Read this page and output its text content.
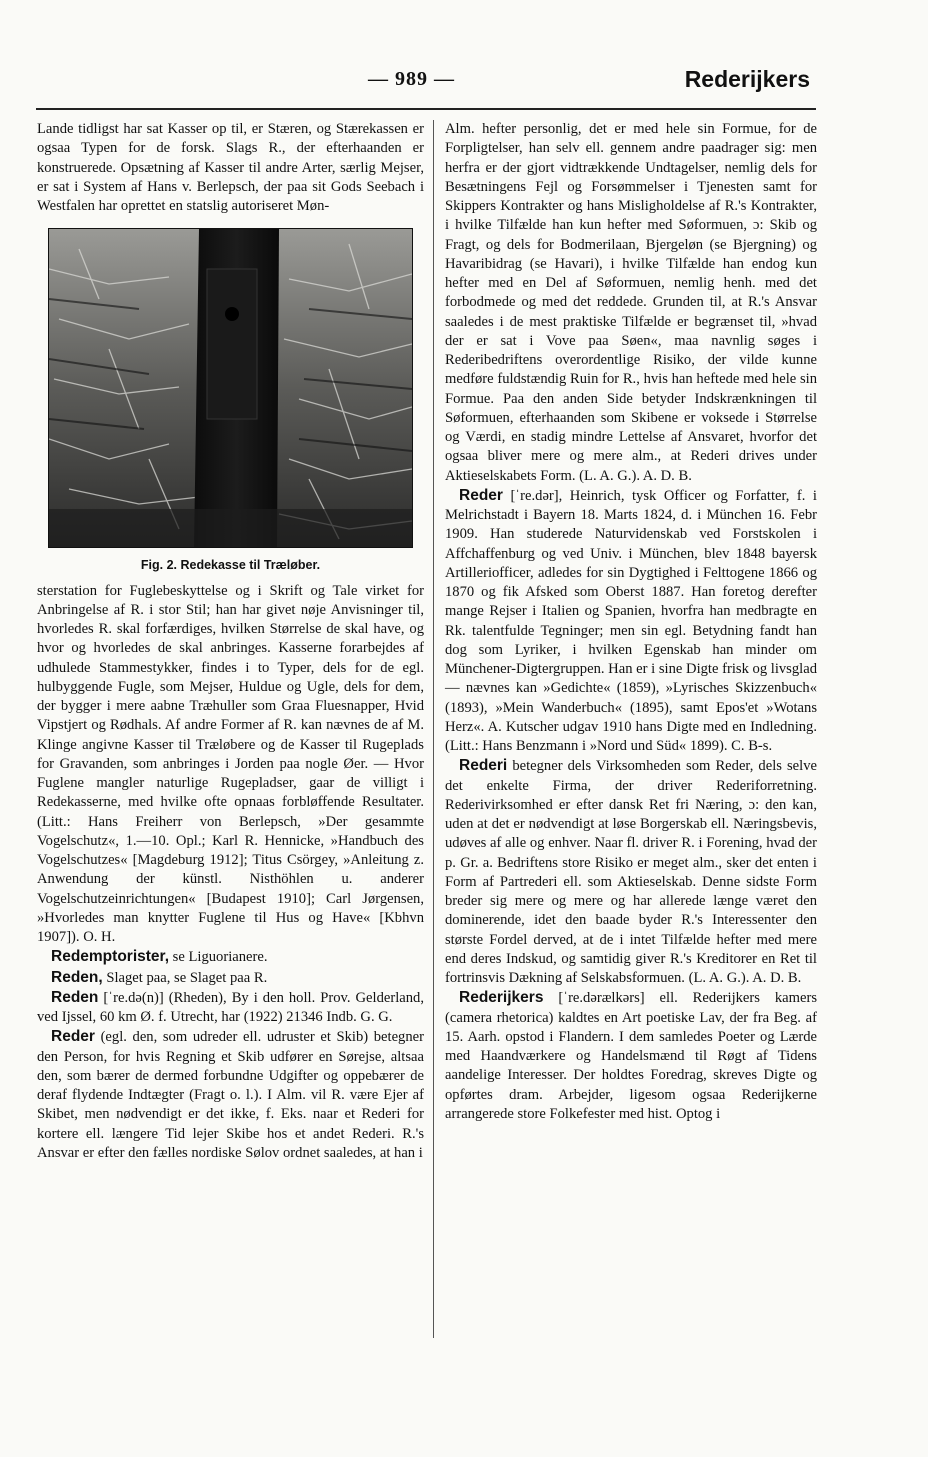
— 989 —	Rederijkers

Lande tidligst har sat Kasser op til, er Stæren, og Stærekassen er ogsaa Typen for de forsk. Slags R., der efterhaanden er konstruerede. Opsætning af Kasser til andre Arter, særlig Mejser, er sat i System af Hans v. Berlepsch, der paa sit Gods Seebach i Westfalen har oprettet en statslig autoriseret Møn-

Fig. 2. Redekasse til Træløber.

sterstation for Fuglebeskyttelse og i Skrift og Tale virket for Anbringelse af R. i stor Stil; han har givet nøje Anvisninger til, hvorledes R. skal forfærdiges, hvilken Størrelse de skal have, og hvor og hvorledes de skal anbringes. Kasserne forarbejdes af udhulede Stammestykker, findes i to Typer, dels for de egl. hulbyggende Fugle, som Mejser, Huldue og Ugle, dels for dem, der bygger i mere aabne Træhuller som Graa Fluesnapper, Hvid Vipstjert og Rødhals. Af andre Former af R. kan nævnes de af M. Klinge angivne Kasser til Træløbere og de Kasser til Rugeplads for Gravanden, som anbringes i Jorden paa nogle Øer. — Hvor Fuglene mangler naturlige Rugepladser, gaar de villigt i Redekasserne, med hvilke ofte opnaas forbløffende Resultater. (Litt.: Hans Freiherr von Berlepsch, »Der gesammte Vogelschutz«, 1.—10. Opl.; Karl R. Hennicke, »Handbuch des Vogelschutzes« [Magdeburg 1912]; Titus Csörgey, »Anleitung z. Anwendung der künstl. Nisthöhlen u. anderer Vogelschutzeinrichtungen« [Budapest 1910]; Carl Jørgensen, »Hvorledes man knytter Fuglene til Hus og Have« [Kbhvn 1907]). O. H.

Redemptorister, se Liguorianere.

Reden, Slaget paa, se Slaget paa R.

Reden [ˈre.dǝ(n)] (Rheden), By i den holl. Prov. Gelderland, ved Ijssel, 60 km Ø. f. Utrecht, har (1922) 21346 Indb. G. G.

Reder (egl. den, som udreder ell. udruster et Skib) betegner den Person, for hvis Regning et Skib udfører en Sørejse, altsaa den, som bærer de dermed forbundne Udgifter og oppebærer de deraf flydende Indtægter (Fragt o. l.). I Alm. vil R. være Ejer af Skibet, men nødvendigt er det ikke, f. Eks. naar et Rederi for kortere ell. længere Tid lejer Skibe hos et andet Rederi. R.'s Ansvar er efter den fælles nordiske Sølov ordnet saaledes, at han i

Alm. hefter personlig, det er med hele sin Formue, for de Forpligtelser, han selv ell. gennem andre paadrager sig: men herfra er der gjort vidtrækkende Undtagelser, nemlig dels for Besætningens Fejl og Forsømmelser i Tjenesten samt for Skippers Kontrakter og hans Misligholdelse af R.'s Kontrakter, i hvilke Tilfælde han kun hefter med Søformuen, ɔ: Skib og Fragt, og dels for Bodmerilaan, Bjergeløn (se Bjergning) og Havaribidrag (se Havari), i hvilke Tilfælde han endog kun hefter med en Del af Søformuen, nemlig henh. med det forbodmede og med det reddede. Grunden til, at R.'s Ansvar saaledes i de mest praktiske Tilfælde er begrænset til, »hvad der er sat i Vove paa Søen«, maa navnlig søges i Rederibedriftens overordentlige Risiko, der vilde kunne medføre fuldstændig Ruin for R., hvis han heftede med hele sin Formue. Paa den anden Side betyder Indskrænkningen til Søformuen, efterhaanden som Skibene er voksede i Størrelse og Værdi, en stadig mindre Lettelse af Ansvaret, hvorfor det ogsaa bliver mere og mere alm., at Rederi drives under Aktieselskabets Form. (L. A. G.). A. D. B.

Reder [ˈre.dǝr], Heinrich, tysk Officer og Forfatter, f. i Melrichstadt i Bayern 18. Marts 1824, d. i München 16. Febr 1909. Han studerede Naturvidenskab ved Forstskolen i Affchaffenburg og ved Univ. i München, blev 1848 bayersk Artilleriofficer, adledes for sin Dygtighed i Felttogene 1866 og 1870 og fik Afsked som Oberst 1887. Han foretog derefter mange Rejser i Italien og Spanien, hvorfra han medbragte en Rk. talentfulde Tegninger; men sin egl. Betydning fandt han dog som Lyriker, i hvilken Egenskab han minder om Münchener-Digtergruppen. Han er i sine Digte frisk og livsglad — nævnes kan »Gedichte« (1859), »Lyrisches Skizzenbuch« (1893), »Mein Wanderbuch« (1895), samt Epos'et »Wotans Herz«. A. Kutscher udgav 1910 hans Digte med en Indledning. (Litt.: Hans Benzmann i »Nord und Süd« 1899). C. B-s.

Rederi betegner dels Virksomheden som Reder, dels selve det enkelte Firma, der driver Rederiforretning. Rederivirksomhed er efter dansk Ret fri Næring, ɔ: den kan, uden at det er nødvendigt at løse Borgerskab ell. Næringsbevis, udøves af alle og enhver. Naar fl. driver R. i Forening, hvad der p. Gr. a. Bedriftens store Risiko er meget alm., sker det enten i Form af Partrederi ell. som Aktieselskab. Denne sidste Form breder sig mere og mere og har allerede længe været den dominerende, idet den baade byder R.'s Interessenter den største Fordel derved, at de i intet Tilfælde hefter med mere end deres Indskud, og samtidig giver R.'s Kreditorer en Ret til fortrinsvis Dækning af Selskabsformuen. (L. A. G.). A. D. B.

Rederijkers [ˈre.dǝrælkǝrs] ell. Rederijkers kamers (camera rhetorica) kaldtes en Art poetiske Lav, der fra Beg. af 15. Aarh. opstod i Flandern. I dem samledes Poeter og Lærde med Haandværkere og Handelsmænd til Røgt af Tidens aandelige Interesser. Der holdtes Foredrag, skreves Digte og opførtes dram. Arbejder, ligesom ogsaa Rederijkerne arrangerede store Folkefester med hist. Optog i
